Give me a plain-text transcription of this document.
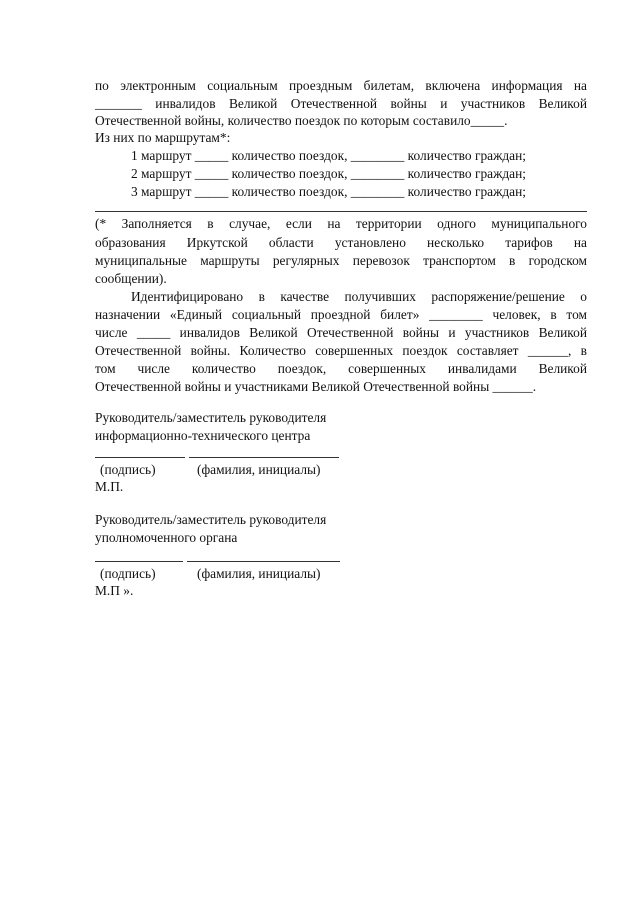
по электронным социальным проездным билетам, включена информация на
_______ инвалидов Великой Отечественной войны и участников Великой
Отечественной войны, количество поездок по которым составило_____.
Из них по маршрутам*:
1 маршрут _____ количество поездок, ________ количество граждан;
2 маршрут _____ количество поездок, ________ количество граждан;
3 маршрут _____ количество поездок, ________ количество граждан;
(* Заполняется в случае, если на территории одного муниципального
образования Иркутской области установлено несколько тарифов на
муниципальные маршруты регулярных перевозок транспортом в городском
сообщении).
Идентифицировано в качестве получивших распоряжение/решение о
назначении «Единый социальный проездной билет» ________ человек, в том
числе _____ инвалидов Великой Отечественной войны и участников Великой
Отечественной войны. Количество совершенных поездок составляет ______, в
том числе количество поездок, совершенных инвалидами Великой
Отечественной войны и участниками Великой Отечественной войны ______.
Руководитель/заместитель руководителя
информационно-технического центра
(подпись)	(фамилия, инициалы)
М.П.
Руководитель/заместитель руководителя
уполномоченного органа
(подпись)	(фамилия, инициалы)
М.П ».
